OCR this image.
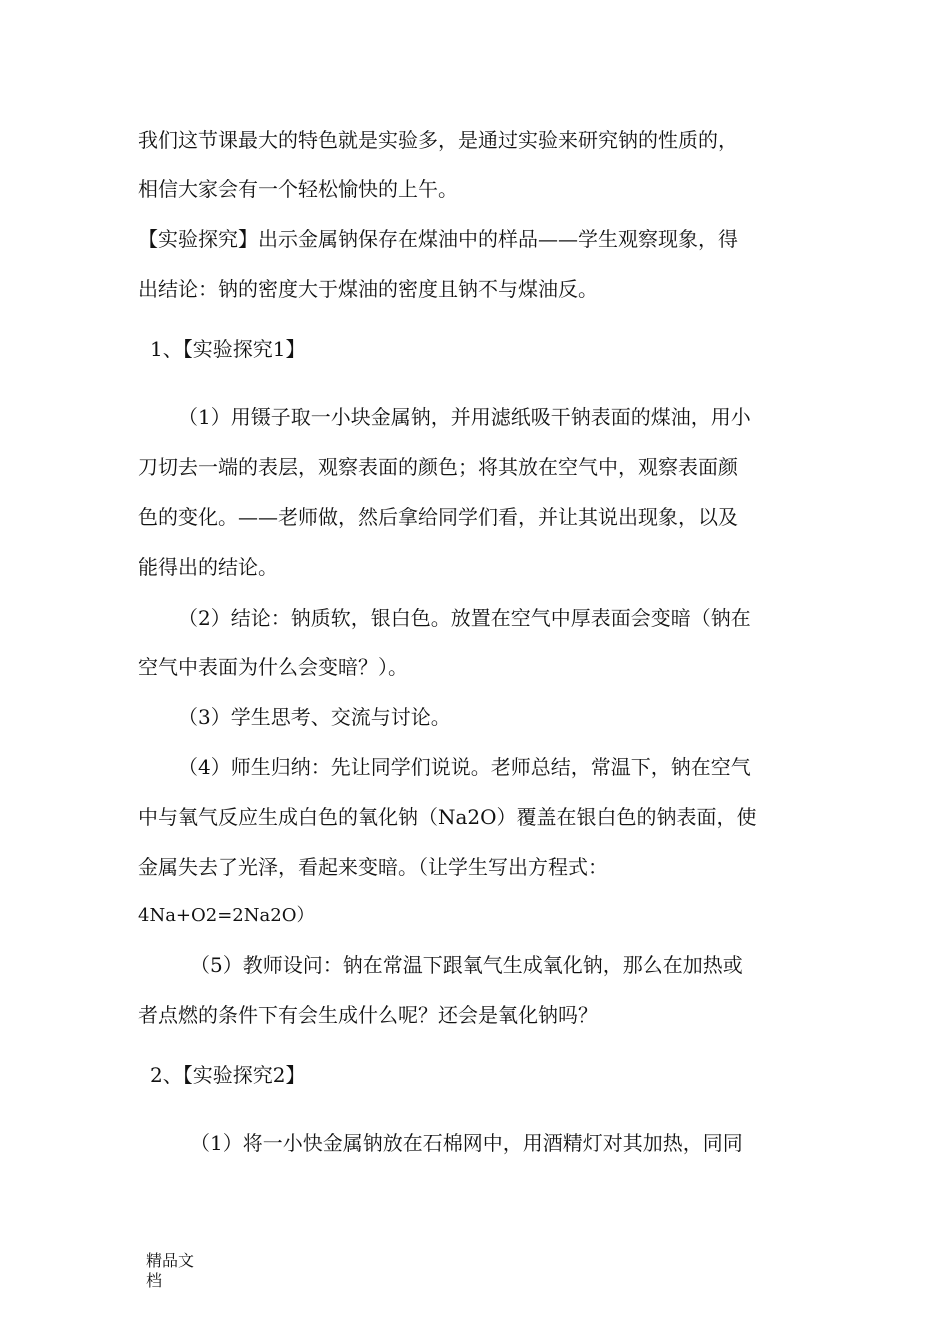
我们这节课最大的特色就是实验多，是通过实验来研究钠的性质的，
相信大家会有一个轻松愉快的上午。
【实验探究】出示金属钠保存在煤油中的样品——学生观察现象，得
出结论：钠的密度大于煤油的密度且钠不与煤油反。
1、【实验探究1】
（1）用镊子取一小块金属钠，并用滤纸吸干钠表面的煤油，用小
刀切去一端的表层，观察表面的颜色；将其放在空气中，观察表面颜
色的变化。——老师做，然后拿给同学们看，并让其说出现象，以及
能得出的结论。
（2）结论：钠质软，银白色。放置在空气中厚表面会变暗（钠在
空气中表面为什么会变暗？）。
（3）学生思考、交流与讨论。
（4）师生归纳：先让同学们说说。老师总结，常温下，钠在空气
中与氧气反应生成白色的氧化钠（Na2O）覆盖在银白色的钠表面，使
金属失去了光泽，看起来变暗。（让学生写出方程式：
4Na+O2=2Na2O）
（5）教师设问：钠在常温下跟氧气生成氧化钠，那么在加热或
者点燃的条件下有会生成什么呢？还会是氧化钠吗？
2、【实验探究2】
（1）将一小快金属钠放在石棉网中，用酒精灯对其加热，同同
精品文
档
